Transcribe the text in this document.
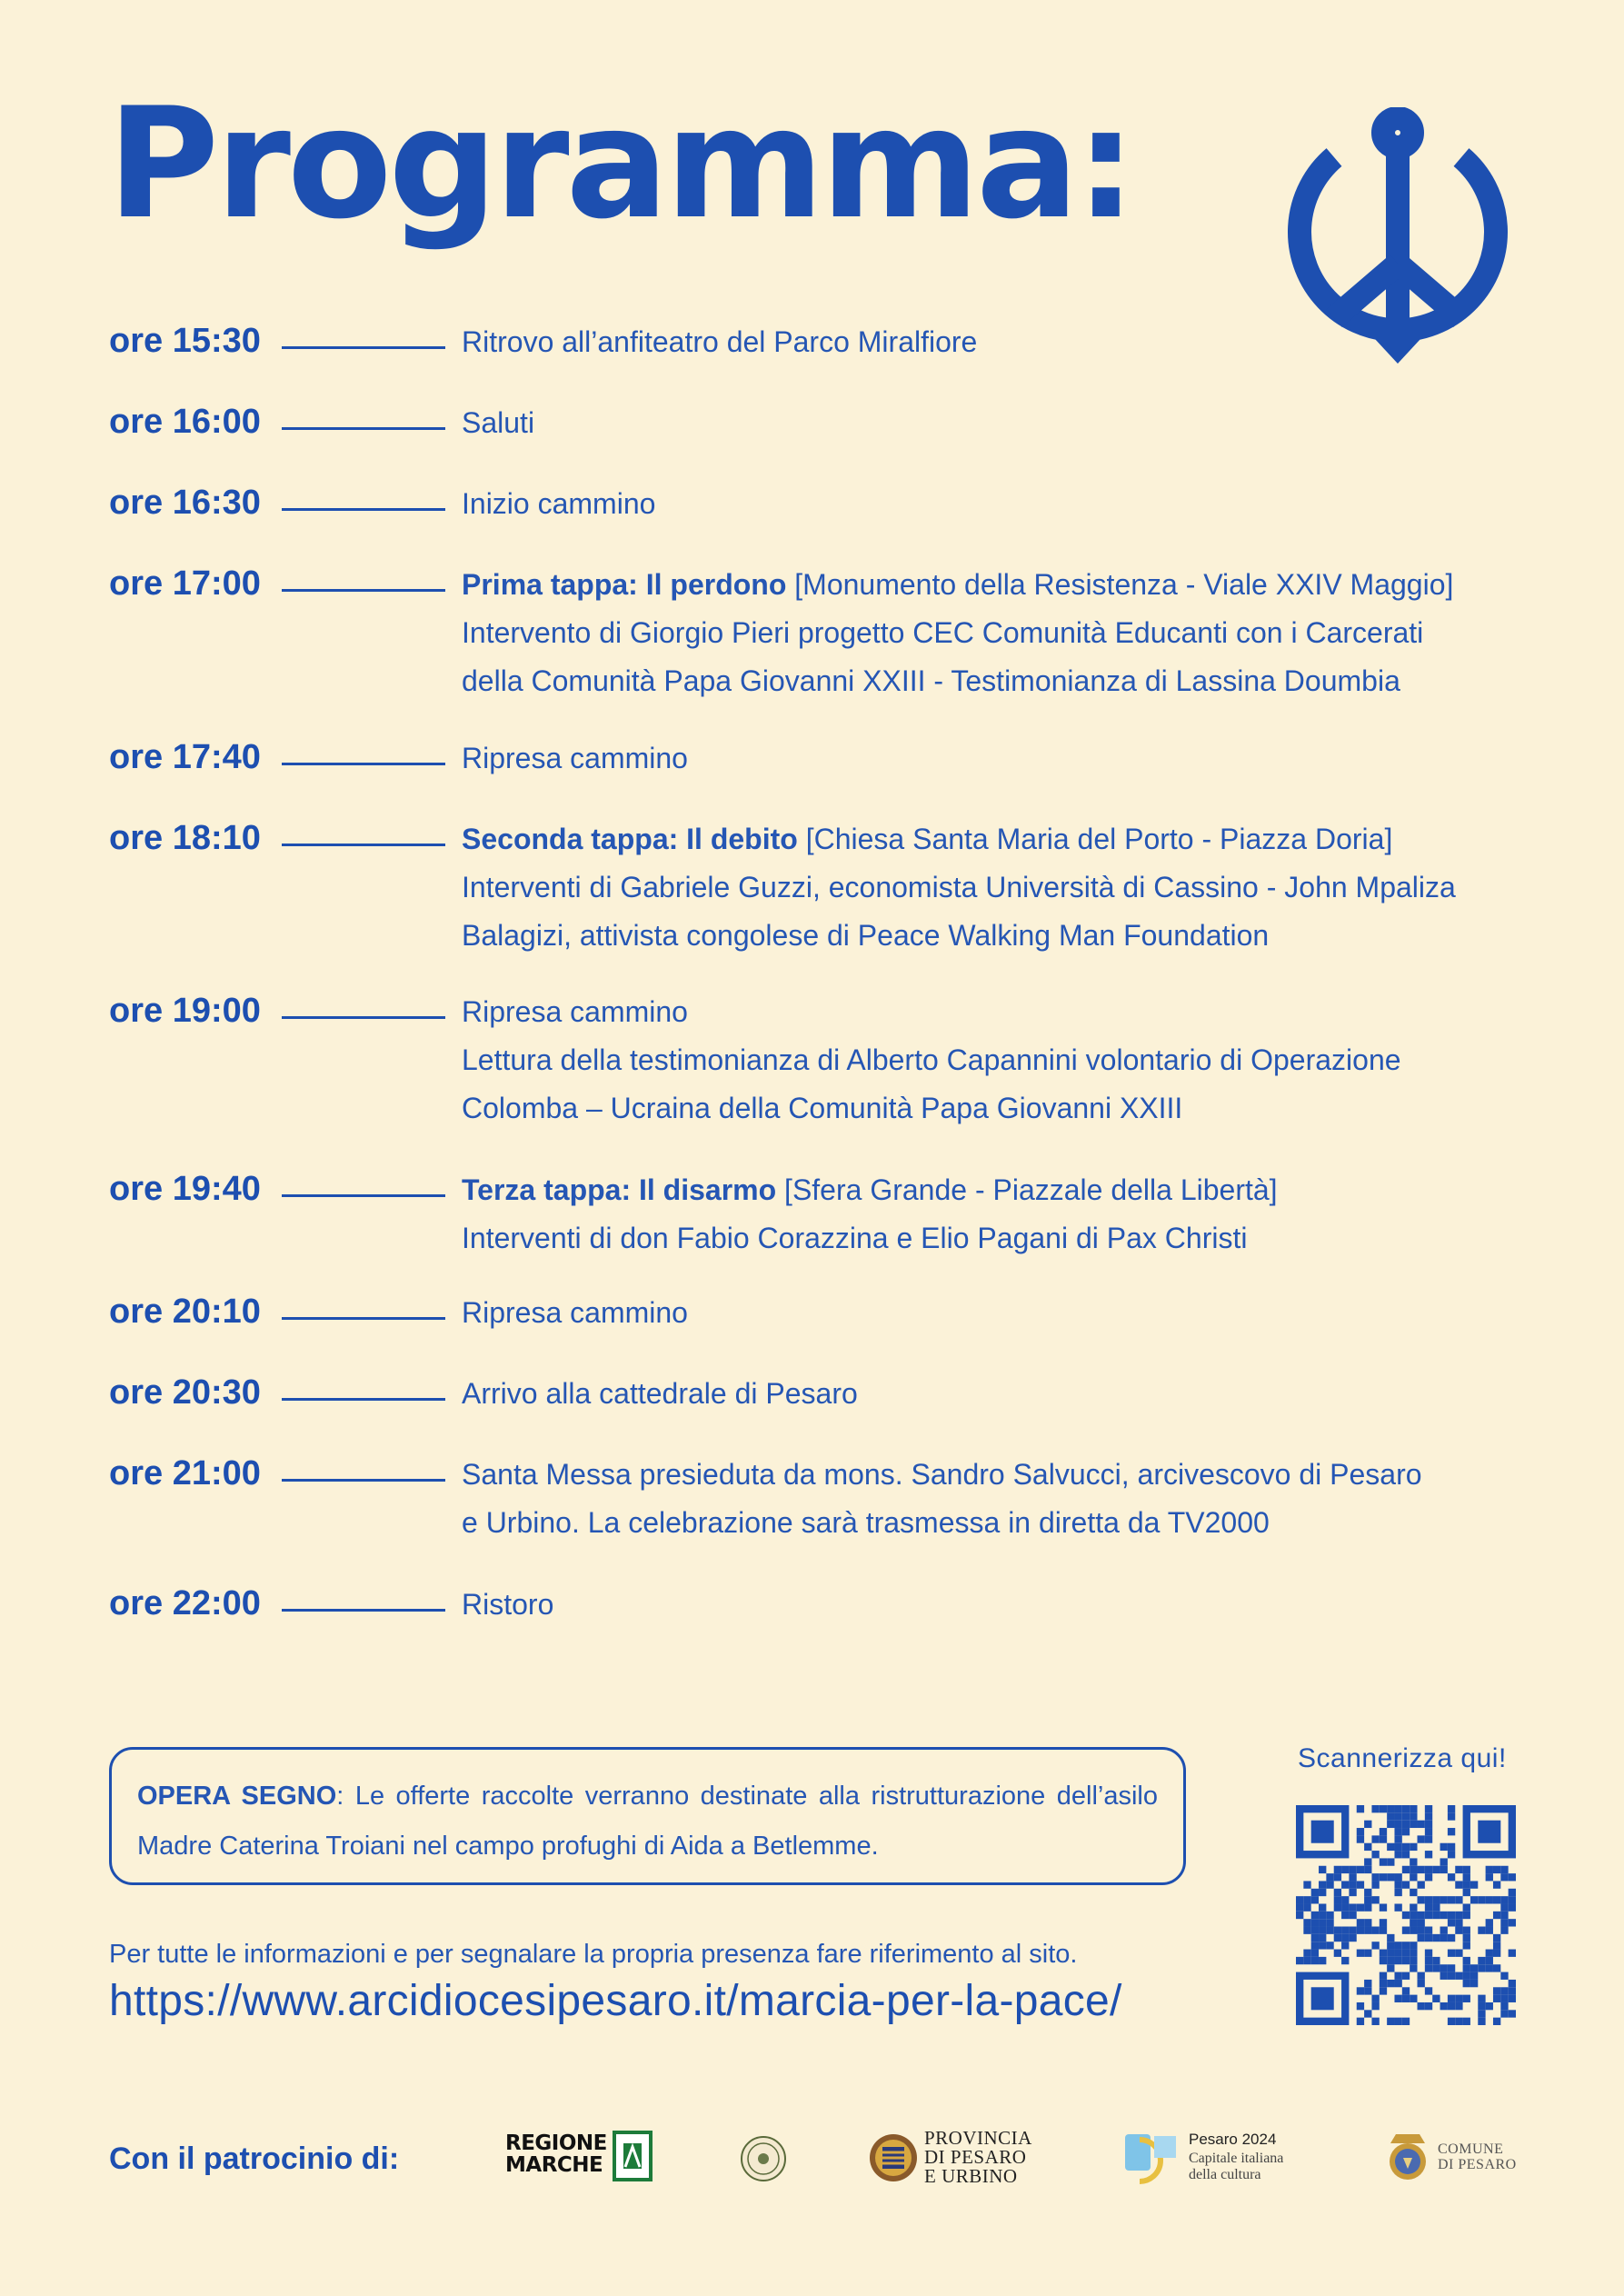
Programma:
ore 15:30	Ritrovo all’anfiteatro del Parco Miralfiore
ore 16:00	Saluti
ore 16:30	Inizio cammino
ore 17:00	Prima tappa: Il perdono [Monumento della Resistenza - Viale XXIV Maggio]
Intervento di Giorgio Pieri progetto CEC Comunità Educanti con i Carcerati
della Comunità Papa Giovanni XXIII - Testimonianza di Lassina Doumbia
ore 17:40	Ripresa cammino
ore 18:10	Seconda tappa: Il debito [Chiesa Santa Maria del Porto - Piazza Doria]
Interventi di Gabriele Guzzi, economista Università di Cassino - John Mpaliza
Balagizi, attivista congolese di Peace Walking Man Foundation
ore 19:00	Ripresa cammino
Lettura della testimonianza di Alberto Capannini volontario di Operazione
Colomba – Ucraina della Comunità Papa Giovanni XXIII
ore 19:40	Terza tappa: Il disarmo [Sfera Grande - Piazzale della Libertà]
Interventi di don Fabio Corazzina e Elio Pagani di Pax Christi
ore 20:10	Ripresa cammino
ore 20:30	Arrivo alla cattedrale di Pesaro
ore 21:00	Santa Messa presieduta da mons. Sandro Salvucci, arcivescovo di Pesaro
e Urbino. La celebrazione sarà trasmessa in diretta da TV2000
ore 22:00	Ristoro
OPERA SEGNO: Le offerte raccolte verranno destinate alla ristrutturazione dell’asilo Madre Caterina Troiani nel campo profughi di Aida a Betlemme.
Scannerizza qui!
Per tutte le informazioni e per segnalare la propria presenza fare riferimento al sito.
https://www.arcidiocesipesaro.it/marcia-per-la-pace/
Con il patrocinio di:	REGIONE
MARCHE
PROVINCIA
DI PESARO
E URBINO
Pesaro 2024
Capitale italiana
della cultura
COMUNE
DI PESARO
